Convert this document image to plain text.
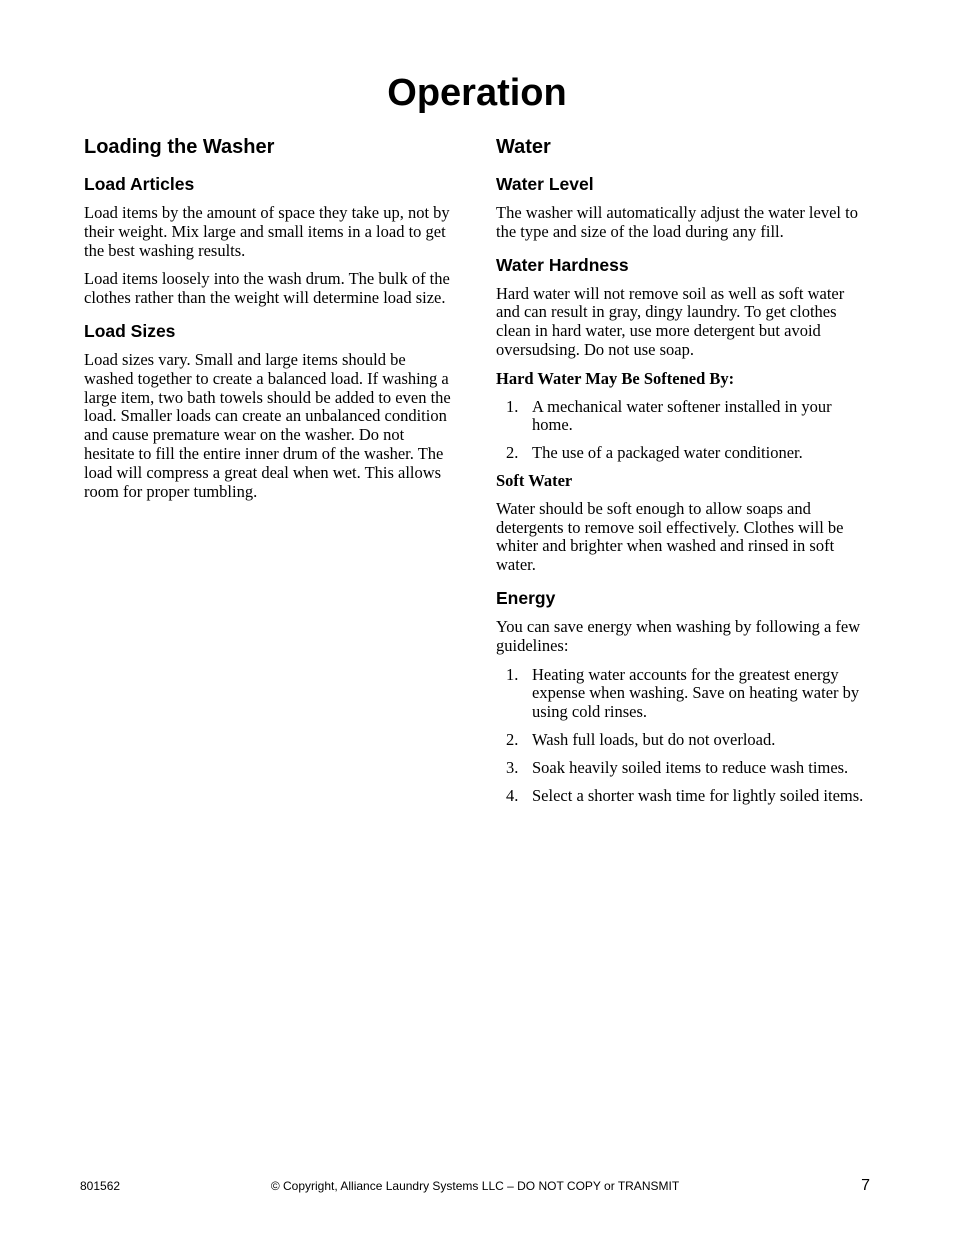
Operation
Loading the Washer
Load Articles

Load items by the amount of space they take up, not by their weight. Mix large and small items in a load to get the best washing results.

Load items loosely into the wash drum. The bulk of the clothes rather than the weight will determine load size.

Load Sizes

Load sizes vary. Small and large items should be washed together to create a balanced load. If washing a large item, two bath towels should be added to even the load. Smaller loads can create an unbalanced condition and cause premature wear on the washer. Do not hesitate to fill the entire inner drum of the washer. The load will compress a great deal when wet. This allows room for proper tumbling.

Water
Water Level

The washer will automatically adjust the water level to the type and size of the load during any fill.

Water Hardness

Hard water will not remove soil as well as soft water and can result in gray, dingy laundry. To get clothes clean in hard water, use more detergent but avoid oversudsing. Do not use soap.

Hard Water May Be Softened By:
1. A mechanical water softener installed in your home.
2. The use of a packaged water conditioner.
Soft Water

Water should be soft enough to allow soaps and detergents to remove soil effectively. Clothes will be whiter and brighter when washed and rinsed in soft water.

Energy

You can save energy when washing by following a few guidelines:

1. Heating water accounts for the greatest energy expense when washing. Save on heating water by using cold rinses.
2. Wash full loads, but do not overload.
3. Soak heavily soiled items to reduce wash times.
4. Select a shorter wash time for lightly soiled items.
801562	© Copyright, Alliance Laundry Systems LLC – DO NOT COPY or TRANSMIT	7
